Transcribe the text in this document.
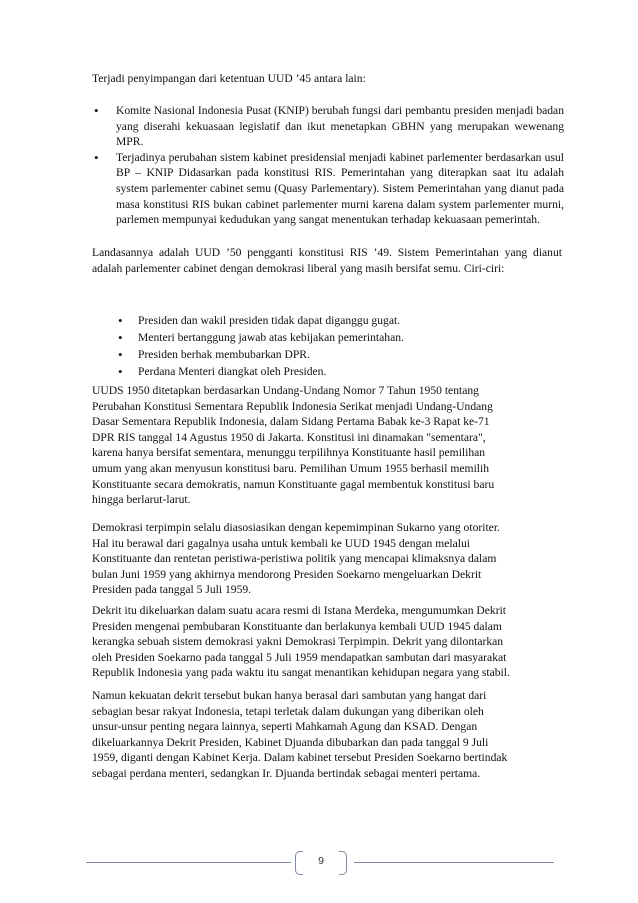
Terjadi penyimpangan dari ketentuan UUD ’45 antara lain:
• Komite Nasional Indonesia Pusat (KNIP) berubah fungsi dari pembantu presiden menjadi badan yang diserahi kekuasaan legislatif dan ikut menetapkan GBHN yang merupakan wewenang MPR.
• Terjadinya perubahan sistem kabinet presidensial menjadi kabinet parlementer berdasarkan usul BP – KNIP Didasarkan pada konstitusi RIS. Pemerintahan yang diterapkan saat itu adalah system parlementer cabinet semu (Quasy Parlementary). Sistem Pemerintahan yang dianut pada masa konstitusi RIS bukan cabinet parlementer murni karena dalam system parlementer murni, parlemen mempunyai kedudukan yang sangat menentukan terhadap kekuasaan pemerintah.
Landasannya adalah UUD ’50 pengganti konstitusi RIS ’49. Sistem Pemerintahan yang dianut adalah parlementer cabinet dengan demokrasi liberal yang masih bersifat semu. Ciri-ciri:
• Presiden dan wakil presiden tidak dapat diganggu gugat.
• Menteri bertanggung jawab atas kebijakan pemerintahan.
• Presiden berhak membubarkan DPR.
• Perdana Menteri diangkat oleh Presiden.
UUDS 1950 ditetapkan berdasarkan Undang-Undang Nomor 7 Tahun 1950 tentang
Perubahan Konstitusi Sementara Republik Indonesia Serikat menjadi Undang-Undang
Dasar Sementara Republik Indonesia, dalam Sidang Pertama Babak ke-3 Rapat ke-71
DPR RIS tanggal 14 Agustus 1950 di Jakarta. Konstitusi ini dinamakan "sementara",
karena hanya bersifat sementara, menunggu terpilihnya Konstituante hasil pemilihan
umum yang akan menyusun konstitusi baru. Pemilihan Umum 1955 berhasil memilih
Konstituante secara demokratis, namun Konstituante gagal membentuk konstitusi baru
hingga berlarut-larut.
Demokrasi terpimpin selalu diasosiasikan dengan kepemimpinan Sukarno yang otoriter.
Hal itu berawal dari gagalnya usaha untuk kembali ke UUD 1945 dengan melalui
Konstituante dan rentetan peristiwa-peristiwa politik yang mencapai klimaksnya dalam
bulan Juni 1959 yang akhirnya mendorong Presiden Soekarno mengeluarkan Dekrit
Presiden pada tanggal 5 Juli 1959.
Dekrit itu dikeluarkan dalam suatu acara resmi di Istana Merdeka, mengumumkan Dekrit
Presiden mengenai pembubaran Konstituante dan berlakunya kembali UUD 1945 dalam
kerangka sebuah sistem demokrasi yakni Demokrasi Terpimpin. Dekrit yang dilontarkan
oleh Presiden Soekarno pada tanggal 5 Juli 1959 mendapatkan sambutan dari masyarakat
Republik Indonesia yang pada waktu itu sangat menantikan kehidupan negara yang stabil.
Namun kekuatan dekrit tersebut bukan hanya berasal dari sambutan yang hangat dari
sebagian besar rakyat Indonesia, tetapi terletak dalam dukungan yang diberikan oleh
unsur-unsur penting negara lainnya, seperti Mahkamah Agung dan KSAD. Dengan
dikeluarkannya Dekrit Presiden, Kabinet Djuanda dibubarkan dan pada tanggal 9 Juli
1959, diganti dengan Kabinet Kerja. Dalam kabinet tersebut Presiden Soekarno bertindak
sebagai perdana menteri, sedangkan Ir. Djuanda bertindak sebagai menteri pertama.
9
